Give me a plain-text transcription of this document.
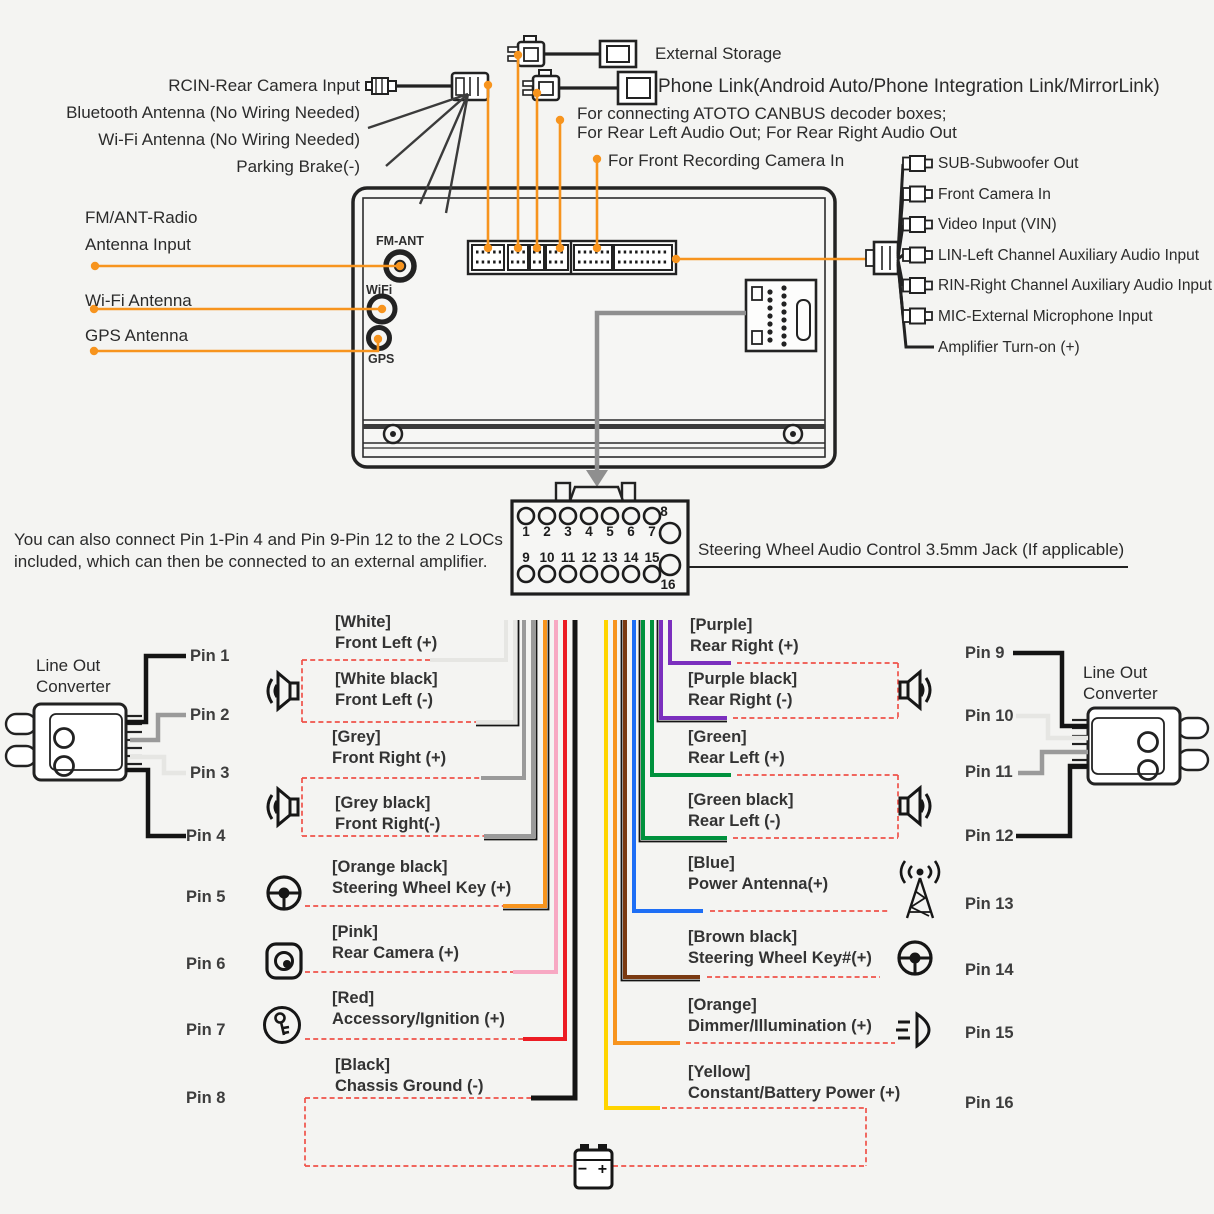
RCIN-Rear Camera Input
Bluetooth Antenna (No Wiring Needed)
Wi-Fi Antenna (No Wiring Needed)
Parking Brake(-)
External Storage
Phone Link(Android Auto/Phone Integration Link/MirrorLink)
For connecting ATOTO CANBUS decoder boxes;
For Rear Left Audio Out; For Rear Right Audio Out
For Front Recording Camera In
FM/ANT-Radio
Antenna Input
Wi-Fi Antenna
GPS Antenna
FM-ANT
WiFi
GPS
SUB-Subwoofer Out
Front Camera In
Video Input (VIN)
LIN-Left Channel Auxiliary Audio Input
RIN-Right Channel Auxiliary Audio Input
MIC-External Microphone Input
Amplifier Turn-on (+)
You can also connect Pin 1-Pin 4 and Pin 9-Pin 12 to the 2 LOCs
included, which can then be connected to an external amplifier.
Steering Wheel Audio Control 3.5mm Jack (If applicable)
1 2 3 4 5 6 7
8
9 10 11 12 13 14 15
16
Line Out
Converter
Line Out
Converter
Pin 1
Pin 2
Pin 3
Pin 4
Pin 5
Pin 6
Pin 7
Pin 8
Pin 9
Pin 10
Pin 11
Pin 12
Pin 13
Pin 14
Pin 15
Pin 16
[White]
Front Left (+)
[White black]
Front Left (-)
[Grey]
Front Right (+)
[Grey black]
Front Right(-)
[Orange black]
Steering Wheel Key (+)
[Pink]
Rear Camera (+)
[Red]
Accessory/Ignition (+)
[Black]
Chassis Ground (-)
[Purple]
Rear Right (+)
[Purple black]
Rear Right (-)
[Green]
Rear Left (+)
[Green black]
Rear Left (-)
[Blue]
Power Antenna(+)
[Brown black]
Steering Wheel Key#(+)
[Orange]
Dimmer/Illumination (+)
[Yellow]
Constant/Battery Power (+)
− +
